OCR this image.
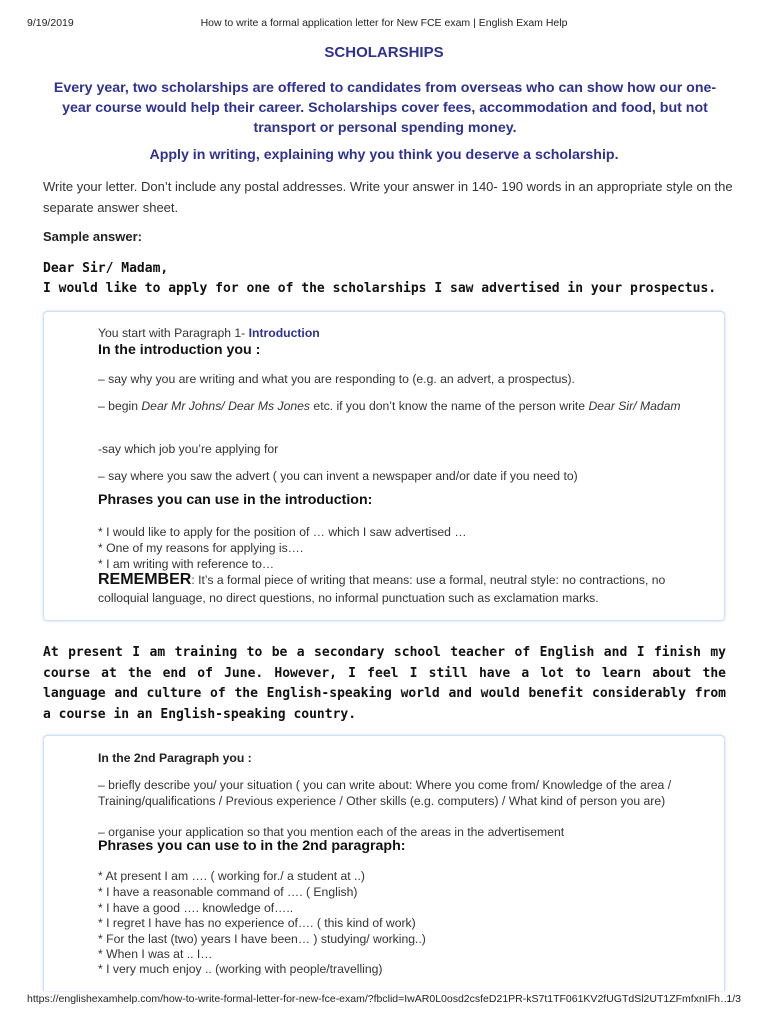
9/19/2019	How to write a formal application letter for New FCE exam | English Exam Help
https://englishexamhelp.com/how-to-write-formal-letter-for-new-fce-exam/?fbclid=IwAR0L0osd2csfeD21PR-kS7t1TF061KV2fUGTdSl2UT1ZFmfxnIFh…
1/3
SCHOLARSHIPS
Every year, two scholarships are offered to candidates from overseas who can show how our one-year course would help their career. Scholarships cover fees, accommodation and food, but not transport or personal spending money.
Apply in writing, explaining why you think you deserve a scholarship.
Write your letter. Don’t include any postal addresses. Write your answer in 140- 190 words in an appropriate style on the separate answer sheet.
Sample answer:
Dear Sir/ Madam,
I would like to apply for one of the scholarships I saw advertised in your prospectus.
You start with Paragraph 1- Introduction
In the introduction you :
– say why you are writing and what you are responding to (e.g. an advert, a prospectus).
– begin Dear Mr Johns/ Dear Ms Jones etc. if you don’t know the name of the person write Dear Sir/ Madam
-say which job you’re applying for
– say where you saw the advert ( you can invent a newspaper and/or date if you need to)
Phrases you can use in the introduction:
* I would like to apply for the position of … which I saw advertised …
* One of my reasons for applying is….
* I am writing with reference to…
REMEMBER: It’s a formal piece of writing that means: use a formal, neutral style: no contractions, no colloquial language, no direct questions, no informal punctuation such as exclamation marks.
At present I am training to be a secondary school teacher of English and I finish my course at the end of June. However, I feel I still have a lot to learn about the language and culture of the English-speaking world and would benefit considerably from a course in an English-speaking country.
In the 2nd Paragraph you :
– briefly describe you/ your situation ( you can write about: Where you come from/ Knowledge of the area / Training/qualifications / Previous experience / Other skills (e.g. computers) / What kind of person you are)
– organise your application so that you mention each of the areas in the advertisement
Phrases you can use to in the 2nd paragraph:
* At present I am …. ( working for./ a student at ..)
* I have a reasonable command of …. ( English)
* I have a good …. knowledge of…..
* I regret I have has no experience of…. ( this kind of work)
* For the last (two) years I have been… ) studying/ working..)
* When I was at .. I…
* I very much enjoy .. (working with people/travelling)
